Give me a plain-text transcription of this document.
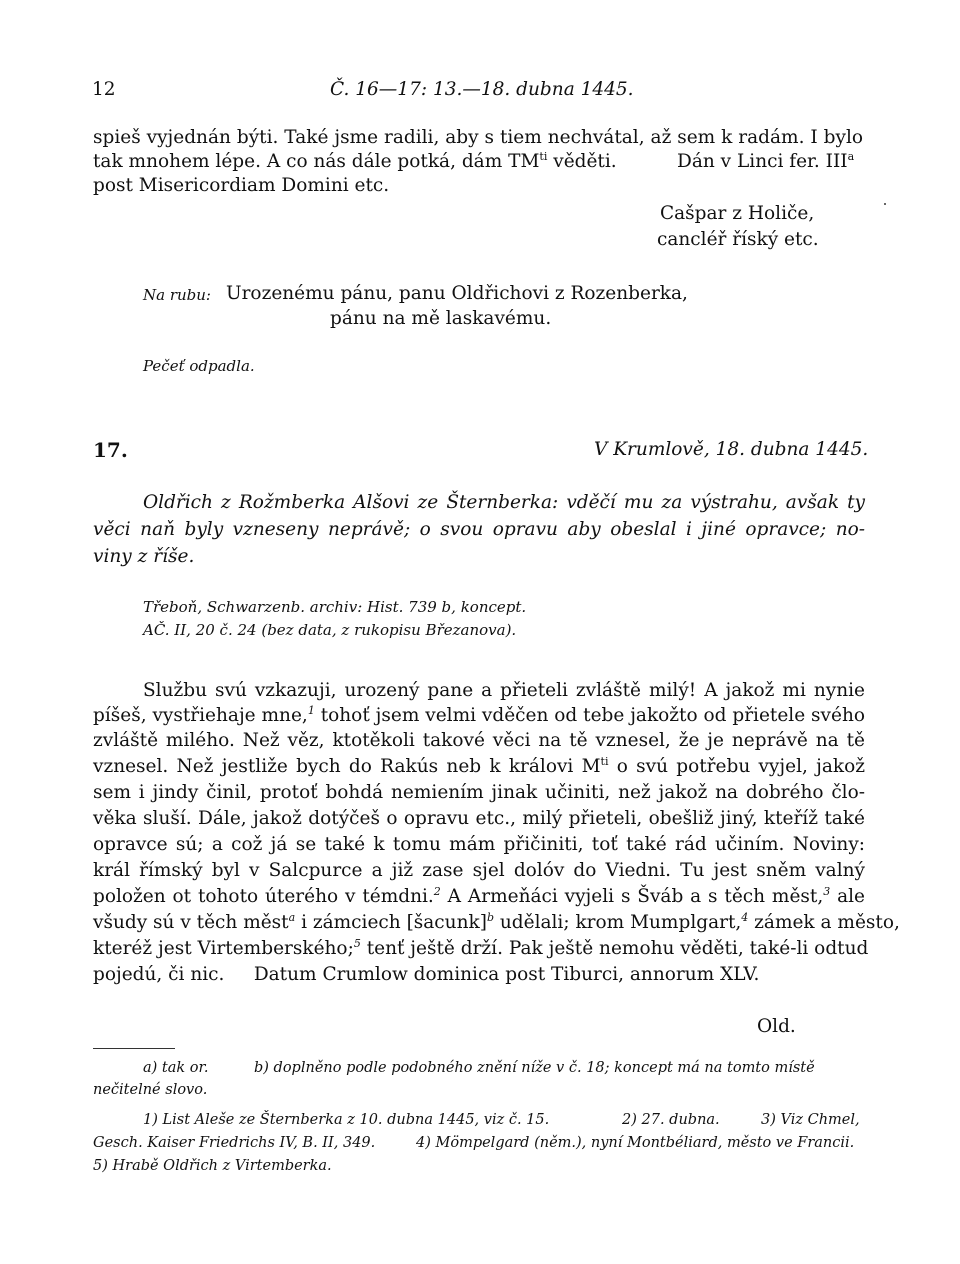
12	Č. 16—17: 13.—18. dubna 1445.
spieš vyjednán býti. Také jsme radili, aby s tiem nechvátal, až sem k radám. I bylo
tak mnohem lépe. A co nás dále potká, dám $TM^{ti}$ věděti.	Dán v Linci fer. III$^a$
post Misericordiam Domini etc.
Cašpar z Holiče,
cancléř říský etc.
Na rubu: Urozenému pánu, panu Oldřichovi z Rozenberka,
pánu na mě laskavému.
Pečeť odpadla.
17.	V Krumlově, 18. dubna 1445.
Oldřich z Rožmberka Alšovi ze Šternberka: vděčí mu za výstrahu, avšak ty
věci naň byly vzneseny neprávě; o svou opravu aby obeslal i jiné opravce; no-
viny z říše.
Třeboň, Schwarzenb. archiv: Hist. 739 b, koncept.
AČ. II, 20 č. 24 (bez data, z rukopisu Březanova).
Službu svú vzkazuji, urozený pane a přieteli zvláště milý! A jakož mi nynie
píšeš, vystřiehaje mne,$^1$ tohoť jsem velmi vděčen od tebe jakožto od přietele svého
zvláště milého. Než věz, ktotěkoli takové věci na tě vznesel, že je neprávě na tě
vznesel. Než jestliže bych do Rakús neb k královi $M^{ti}$ o svú potřebu vyjel, jakož
sem i jindy činil, protoť bohdá nemiením jinak učiniti, než jakož na dobrého člo-
věka sluší. Dále, jakož dotýčeš o opravu etc., milý přieteli, obešliž jiný, kteříž také
opravce sú; a což já se také k tomu mám přičiniti, toť také rád učiním. Noviny:
král římský byl v Salcpurce a již zase sjel dolóv do Viedni. Tu jest sněm valný
položen ot tohoto úterého v témdni.$^2$ A Armeňáci vyjeli s Šváb a s těch měst,$^3$ ale
všudy sú v těch měst$^a$ i zámciech [šacunk]$^b$ udělali; krom Mumplgart,$^4$ zámek a město,
kteréž jest Virtemberského;$^5$ tenť ještě drží. Pak ještě nemohu věděti, také-li odtud
pojedú, či nic.     Datum Crumlow dominica post Tiburci, annorum XLV.
Old.
a) tak or.	b) doplněno podle podobného znění níže v č. 18; koncept má na tomto místě
nečitelné slovo.
1) List Aleše ze Šternberka z 10. dubna 1445, viz č. 15.	2) 27. dubna.	3) Viz Chmel,
Gesch. Kaiser Friedrichs IV, B. II, 349.	4) Mömpelgard (něm.), nyní Montbéliard, město ve Francii.
5) Hrabě Oldřich z Virtemberka.
